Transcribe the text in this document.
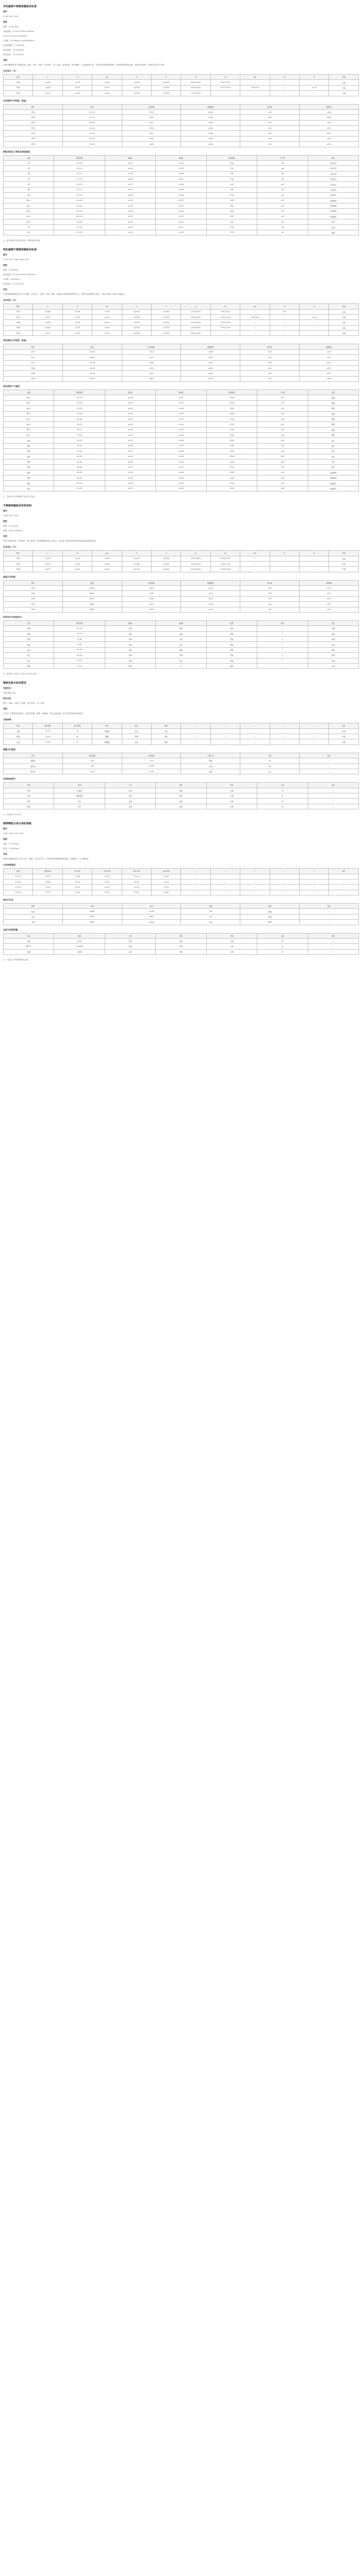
冷轧碳钢不锈钢宽幅板材标准
牌号：

1200 1250 1300

规格：

板厚：0.3-6.0mm

冷轧宽幅：0.3-6.0×1000-1500mm

1.0×1-10×1219-2000mm

中厚板：6.0-80mm ×(A3)2000mm

冷轧宽幅卷：0.3-6.0mm

热轧宽幅：2.0-16.0mm

热轧卷板：1.8-16.0mm

用途：

本系列钢板适用于建筑装饰、厨具、家电、电梯、汽车配件、化工设备、食品机械、医疗器械、五金制品等行业，具有良好的耐腐蚀性能、成型性能及焊接性能，表面光洁美观，可满足各类加工要求。

化学成分（%）
牌号	C	Si	Mn	P	S	Cr	Ni	Mo	Cu	N	其他
1200	≤0.08	≤1.00	≤2.00	≤0.045	≤0.030	18.00-20.00	8.00-10.50	—	—	—	余量
1250	≤0.08	≤0.75	≤2.00	≤0.045	≤0.030	16.00-18.00	10.00-14.00	2.00-3.00	—	≤0.10	余量
1300	≤0.15	≤1.00	≤1.00	≤0.040	≤0.030	11.50-13.50	—	—	—	—	余量
冷轧钢带力学性能（室温）
牌号	厚度	抗拉强度	屈服强度	伸长率	硬度HV
1200	0.3-1.0	≥520	≥205	≥40	≤200
1200	1.0-3.0	≥520	≥205	≥40	≤200
1200	3.0-6.0	≥515	≥205	≥40	≤210
1250	0.3-1.0	≥520	≥205	≥40	≤217
1250	1.0-6.0	≥515	≥205	≥40	≤217
1300	0.3-1.0	≥440	≥205	≥20	≤210
1300	1.0-6.0	≥440	≥205	≥20	≤210
钢板表面加工等级及厚度偏差
表面	厚度范围	偏差A	偏差B	宽度偏差	不平度	备注
2B	0.3-0.6	±0.03	±0.04	+3/0	≤6	冷轧光亮
2B	0.6-1.0	±0.04	±0.05	+3/0	≤6	冷轧光亮
2B	1.0-1.5	±0.05	±0.06	+3/0	≤8	冷轧光亮
2B	1.5-2.0	±0.06	±0.07	+4/0	≤8	冷轧光亮
2B	2.0-3.0	±0.07	±0.09	+4/0	≤10	冷轧光亮
BA	0.3-1.0	±0.03	±0.04	+3/0	≤6	光亮退火
BA	1.0-2.0	±0.05	±0.06	+3/0	≤8	光亮退火
No.1	3.0-4.0	±0.20	±0.25	+6/0	≤12	热轧酸洗
No.1	4.0-6.0	±0.25	±0.30	+6/0	≤12	热轧酸洗
No.1	6.0-8.0	±0.30	±0.35	+8/0	≤14	热轧酸洗
No.1	8.0-12.0	±0.35	±0.40	+8/0	≤14	热轧酸洗
No.4	0.5-3.0	±0.05	±0.07	+3/0	≤8	拉丝
HL	0.5-3.0	±0.05	±0.07	+3/0	≤8	拉丝
8K	0.5-2.0	±0.04	±0.05	+3/0	≤6	镜面

注：表中数据为常规供货范围，特殊规格可协商。

热轧碳钢不锈钢宽幅板材标准
牌号：

1270 1275 1280 1290 1295

规格：

板厚：2.0-80mm

热轧宽幅：2.0-16.0×1219-2000mm

中厚板：16-80mm

热轧卷板：2.0-14.0mm

用途：

本系列热轧钢板适用于压力容器、石油化工、造船、桥梁、锅炉、能源电力及重型机械等行业，具备优良的强度与韧性，可进行切割、卷制与焊接加工。

化学成分（%）
牌号	C	Si	Mn	P	S	Cr	Ni	Mo	Ti	N	其他
1270	≤0.08	≤1.00	≤2.00	≤0.045	≤0.030	17.00-19.00	9.00-12.00	—	≥5C	—	余量
1275	≤0.03	≤1.00	≤2.00	≤0.045	≤0.030	16.00-18.00	10.00-14.00	2.00-3.00	—	≤0.10	余量
1280	≤0.08	≤1.00	≤2.00	≤0.045	≤0.030	22.00-24.00	12.00-15.00	—	—	—	余量
1290	≤0.08	≤1.50	≤2.00	≤0.045	≤0.030	24.00-26.00	19.00-22.00	—	—	—	余量
1295	≤0.12	≤1.00	≤1.00	≤0.040	≤0.030	16.00-18.00	—	—	—	—	余量
热轧钢板力学性能（室温）
牌号	厚度	抗拉强度	屈服强度	伸长率	硬度HB
1270	2.0-16	≥515	≥205	≥40	≤217
1270	16-80	≥515	≥205	≥40	≤217
1275	2.0-16	≥485	≥170	≥40	≤217
1280	2.0-16	≥515	≥205	≥40	≤217
1290	2.0-16	≥515	≥205	≥40	≤217
1295	2.0-16	≥450	≥205	≥22	≤183
热轧钢板尺寸偏差
表面	厚度范围	偏差A	偏差B	宽度偏差	不平度	备注
No.1	2.0-3.0	±0.18	±0.22	+10/0	≤12	酸洗
No.1	3.0-4.0	±0.20	±0.25	+10/0	≤12	酸洗
No.1	4.0-5.0	±0.22	±0.28	+10/0	≤12	酸洗
No.1	5.0-6.0	±0.25	±0.30	+10/0	≤14	酸洗
No.1	6.0-8.0	±0.30	±0.35	+12/0	≤14	酸洗
No.1	8.0-10	±0.35	±0.40	+12/0	≤15	酸洗
No.1	10-12	±0.40	±0.45	+15/0	≤15	酸洗
No.1	12-16	±0.45	±0.50	+15/0	≤16	酸洗
黑皮	16-20	±0.50	±0.60	+20/0	≤16	退火
黑皮	20-30	±0.60	±0.70	+20/0	≤18	退火
黑皮	30-40	±0.70	±0.80	+25/0	≤18	退火
黑皮	40-50	±0.80	±0.90	+25/0	≤20	退火
黑皮	50-60	±0.90	±1.00	+30/0	≤20	退火
黑皮	60-80	±1.00	±1.20	+30/0	≤22	退火
喷砂	6.0-20	±0.30	±0.40	+15/0	≤14	表面喷砂
喷砂	20-40	±0.50	±0.60	+20/0	≤16	表面喷砂
抛丸	6.0-20	±0.30	±0.40	+15/0	≤14	表面抛丸
抛丸	20-40	±0.50	±0.60	+20/0	≤16	表面抛丸

注：冷热轧产品可根据用户要求定尺剪切。

不锈钢宽幅板材供货说明
牌号：

1300 1310 1320

规格：

板厚：0.5-50mm

宽幅：1000-2000mm

用途：

适用于耐热设备、炉具部件、排气系统、热交换器等高温工况场合，在高温下保持良好的抗氧化性能及结构稳定性。

化学成分（%）
牌号	C	Si	Mn	P	S	Cr	Ni	Mo	Ti	N	其他
1300	≤0.08	≤1.00	≤2.00	≤0.045	≤0.030	24.00-26.00	19.00-22.00	—	—	—	余量
1310	≤0.20	≤1.50	≤2.00	≤0.040	≤0.030	22.00-25.00	12.00-15.00	—	—	—	余量
1320	≤0.25	≤1.50	≤2.00	≤0.045	≤0.030	24.00-26.00	19.00-22.00	—	—	—	余量
高温力学性能
牌号	温度	抗拉强度	屈服强度	伸长率	硬度HB
1300	600℃	≥420	≥150	≥35	≤217
1300	800℃	≥240	≥110	≥35	≤217
1310	600℃	≥400	≥140	≥35	≤217
1320	600℃	≥430	≥160	≥35	≤217
1320	800℃	≥250	≥120	≥35	≤217
供货状态与检验项目
状态	厚度范围	检验A	检验B	取样	数量	备注
固溶	0.5-3.0	拉伸	硬度	每批	1	标准
固溶	3.0-12	拉伸	弯曲	每批	1	标准
固溶	12-30	拉伸	冲击	每批	2	标准
固溶	30-50	拉伸	冲击	每批	2	标准
退火	0.5-6.0	拉伸	硬度	每批	1	标准
退火	6.0-20	拉伸	弯曲	每批	1	标准
退火	20-50	拉伸	冲击	每批	2	标准
酸洗	2.0-12	表面	尺寸	逐张	—	目视

注：如需第三方检验，请在订货合同中注明。

钢板包装与标识要求
包装形式：

木箱 铁架 托盘

标识内容：

牌号、规格、炉批号、重量、执行标准、生产日期

说明：

产品出厂时附质量证明书，包装应防潮、防锈、防碰撞，适合长途运输，用户可提出特殊包装要求。

包装规格
形式	适用厚度	最大重量	防护	标识	适用	—	—	—	—	—	备注
木箱	0.3-3.0	3t	防潮纸	标签	出口	—	—	—	—	—	标准
铁架	3.0-20	8t	覆膜	喷码	国内	—	—	—	—	—	标准
托盘	0.3-6.0	5t	缠绕膜	标签	通用	—	—	—	—	—	标准
重量允许偏差
形式	重量范围	允许偏差	计重方式	计量	备注
按理论	≤5t	±1%	理论	kg	—
按实际	≤5t	±0.5%	过磅	kg	—
按实际	5-10t	±0.5%	过磅	kg	—
包装检验要求
项目	要求	方法	频次	判定	记录	备注
外观	无破损	目视	逐件	合格	有	—
标识	清晰完整	目视	逐件	合格	有	—
防护	完好	目视	逐件	合格	有	—
重量	符合	过磅	逐件	合格	有	—

注：包装费用另行协商。

钢带精密分条与卷材规格
牌号：

1200 1250 1300 1310

规格：

厚度：0.1-3.0mm

宽度：10-600mm

用途：

精密分条钢带适用于电子元件、弹簧、五金冲压件、汽车零部件等精密制造领域，边部整齐，尺寸精度高。

分条宽度偏差
厚度	宽度≤50	50-100	100-200	200-400	400-600	—	—	—	—	—	备注
0.1-0.5	±0.05	±0.08	±0.10	±0.15	±0.20	—	—	—	—	—	—
0.5-1.0	±0.08	±0.10	±0.15	±0.20	±0.25	—	—	—	—	—	—
1.0-2.0	±0.10	±0.15	±0.20	±0.25	±0.30	—	—	—	—	—	—
2.0-3.0	±0.15	±0.20	±0.25	±0.30	±0.40	—	—	—	—	—	—
卷材内外径
类型	内径	外径	卷重	包装	备注
标准	Φ508	≤1200	≤5t	防潮	—
小卷	Φ300	≤800	≤1t	防潮	—
大卷	Φ610	≤1500	≤10t	防潮	—
边部与表面质量
项目	要求	方法	频次	判定	记录	备注
毛刺	≤0.02	量具	每卷	合格	有	—
镰刀弯	≤1/1000	量具	每卷	合格	有	—
表面	无划伤	目视	每卷	合格	有	—

注：分条加工可按图纸要求定制。
